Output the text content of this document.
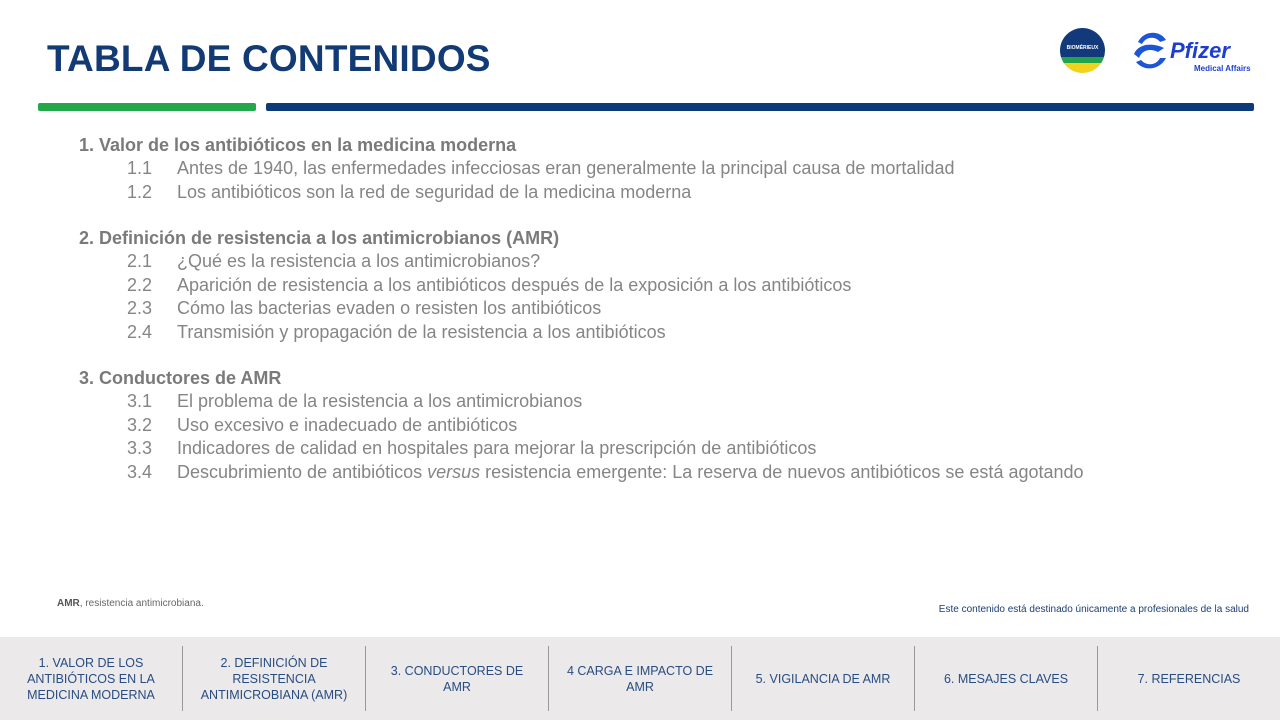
TABLA DE CONTENIDOS	BIOMÉRIEUX	Pfizer
Medical Affairs
1. Valor de los antibióticos en la medicina moderna
1.1	Antes de 1940, las enfermedades infecciosas eran generalmente la principal causa de mortalidad
1.2	Los antibióticos son la red de seguridad de la medicina moderna
2. Definición de resistencia a los antimicrobianos (AMR)
2.1	¿Qué es la resistencia a los antimicrobianos?
2.2	Aparición de resistencia a los antibióticos después de la exposición a los antibióticos
2.3	Cómo las bacterias evaden o resisten los antibióticos
2.4	Transmisión y propagación de la resistencia a los antibióticos
3. Conductores de AMR
3.1	El problema de la resistencia a los antimicrobianos
3.2	Uso excesivo e inadecuado de antibióticos
3.3	Indicadores de calidad en hospitales para mejorar la prescripción de antibióticos
3.4	Descubrimiento de antibióticos versus resistencia emergente: La reserva de nuevos antibióticos se está agotando
AMR, resistencia antimicrobiana.
Este contenido está destinado únicamente a profesionales de la salud
1. VALOR DE LOS ANTIBIÓTICOS EN LA MEDICINA MODERNA
2. DEFINICIÓN DE RESISTENCIA ANTIMICROBIANA (AMR)
3. CONDUCTORES DE AMR
4 CARGA E IMPACTO DE AMR
5. VIGILANCIA DE AMR	6. MESAJES CLAVES	7. REFERENCIAS
